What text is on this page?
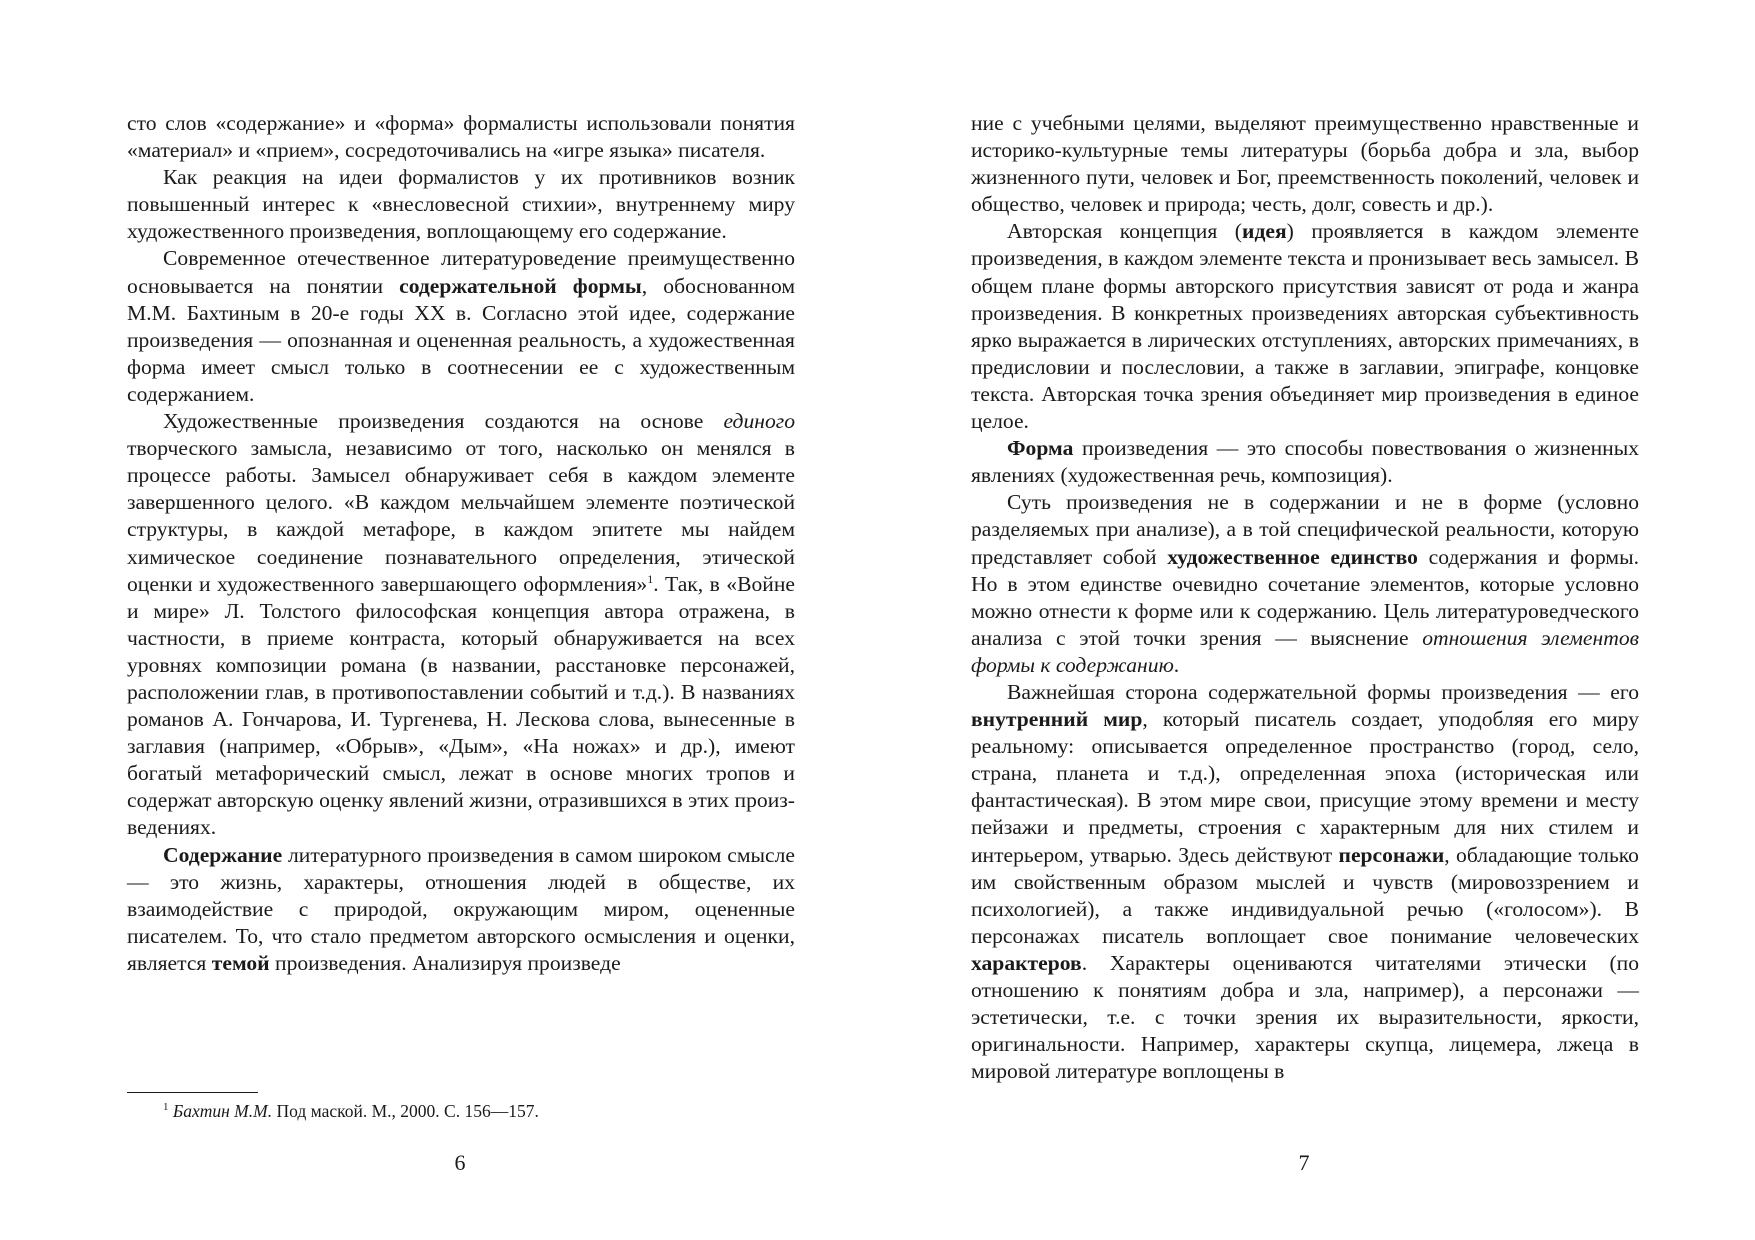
сто слов «содержание» и «форма» формалисты использовали понятия «материал» и «прием», сосредоточивались на «игре языка» писателя.

Как реакция на идеи формалистов у их противников возник повышенный интерес к «внесловесной стихии», внутреннему миру художественного произведения, воплощающему его содержание.

Современное отечественное литературоведение преимущественно основывается на понятии содержательной формы, обоснованном М.М. Бахтиным в 20-е годы XX в. Согласно этой идее, содержание произведения — опознанная и оцененная реальность, а художественная форма имеет смысл только в соотнесении ее с художественным содержанием.

Художественные произведения создаются на основе единого творческого замысла, независимо от того, насколько он менялся в процессе работы. Замысел обнаруживает себя в каждом элементе завершенного целого. «В каждом мельчайшем элементе поэтической структуры, в каждой метафоре, в каждом эпитете мы найдем химическое соединение познавательного определения, этической оценки и художественного завершающего оформления»$^1$. Так, в «Войне и мире» Л. Толстого философская концепция автора отражена, в частности, в приеме контраста, который обнаруживается на всех уровнях композиции романа (в названии, расстановке персонажей, расположении глав, в противопоставлении событий и т.д.). В названиях романов А. Гончарова, И. Тургенева, Н. Лескова слова, вынесенные в заглавия (например, «Обрыв», «Дым», «На ножах» и др.), имеют богатый метафорический смысл, лежат в основе многих тропов и содержат авторскую оценку явлений жизни, отразившихся в этих произведениях.

Содержание литературного произведения в самом широком смысле — это жизнь, характеры, отношения людей в обществе, их взаимодействие с природой, окружающим миром, оцененные писателем. То, что стало предметом авторского осмысления и оценки, является темой произведения. Анализируя произведе

$^1$ Бахтин М.М. Под маской. М., 2000. С. 156—157.
6

ние с учебными целями, выделяют преимущественно нравственные и историко-культурные темы литературы (борьба добра и зла, выбор жизненного пути, человек и Бог, преемственность поколений, человек и общество, человек и природа; честь, долг, совесть и др.).

Авторская концепция (идея) проявляется в каждом элементе произведения, в каждом элементе текста и пронизывает весь замысел. В общем плане формы авторского присутствия зависят от рода и жанра произведения. В конкретных произведениях авторская субъективность ярко выражается в лирических отступлениях, авторских примечаниях, в предисловии и послесловии, а также в заглавии, эпиграфе, концовке текста. Авторская точка зрения объединяет мир произведения в единое целое.

Форма произведения — это способы повествования о жизненных явлениях (художественная речь, композиция).

Суть произведения не в содержании и не в форме (условно разделяемых при анализе), а в той специфической реальности, которую представляет собой художественное единство содержания и формы. Но в этом единстве очевидно сочетание элементов, которые условно можно отнести к форме или к содержанию. Цель литературоведческого анализа с этой точки зрения — выяснение отношения элементов формы к содержанию.

Важнейшая сторона содержательной формы произведения — его внутренний мир, который писатель создает, уподобляя его миру реальному: описывается определенное пространство (город, село, страна, планета и т.д.), определенная эпоха (историческая или фантастическая). В этом мире свои, присущие этому времени и месту пейзажи и предметы, строения с характерным для них стилем и интерьером, утварью. Здесь действуют персонажи, обладающие только им свойственным образом мыслей и чувств (мировоззрением и психологией), а также индивидуальной речью («голосом»). В персонажах писатель воплощает свое понимание человеческих характеров. Характеры оцениваются читателями этически (по отношению к понятиям добра и зла, например), а персонажи — эстетически, т.е. с точки зрения их выразительности, яркости, оригинальности. Например, характеры скупца, лицемера, лжеца в мировой литературе воплощены в

7
